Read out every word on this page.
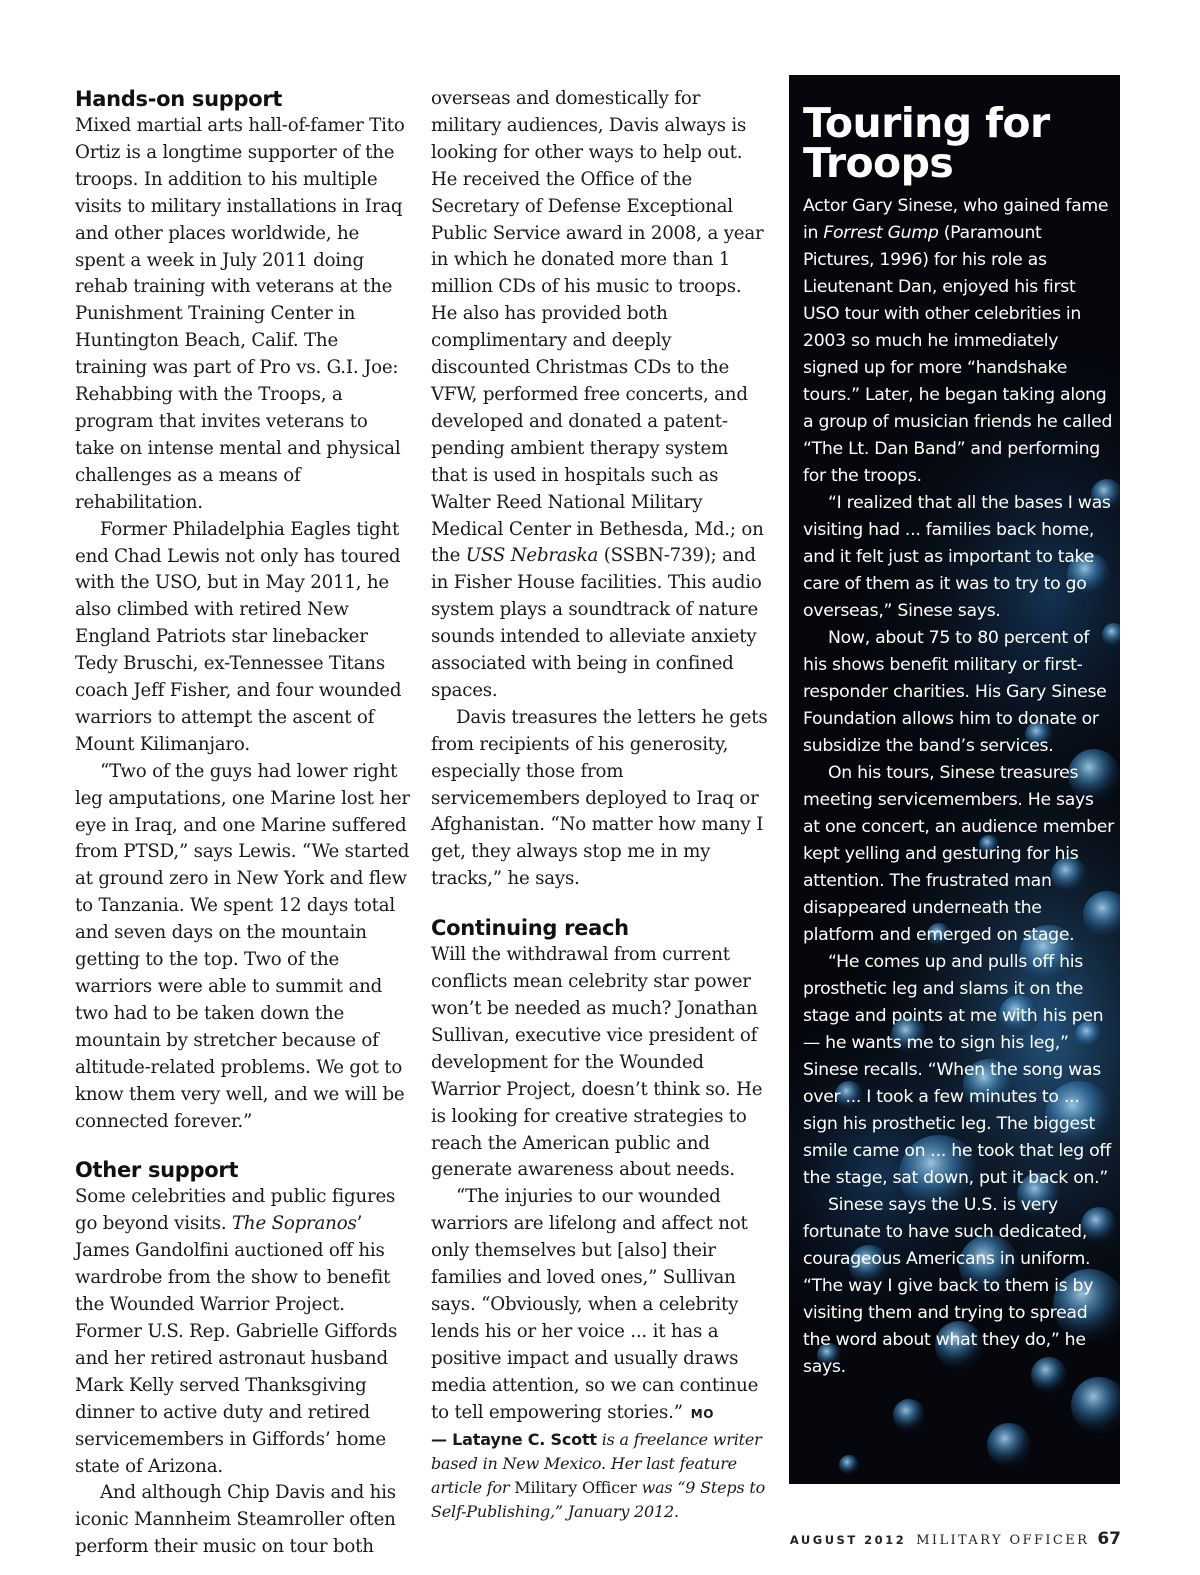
Hands-on support

Mixed martial arts hall-of-famer Tito Ortiz is a longtime supporter of the troops. In addition to his multiple visits to military installations in Iraq and other places worldwide, he spent a week in July 2011 doing rehab training with veterans at the Punishment Training Center in Huntington Beach, Calif. The training was part of Pro vs. G.I. Joe: Rehabbing with the Troops, a program that invites veterans to take on intense mental and physical challenges as a means of rehabilitation.

Former Philadelphia Eagles tight end Chad Lewis not only has toured with the USO, but in May 2011, he also climbed with retired New England Patriots star linebacker Tedy Bruschi, ex-Tennessee Titans coach Jeff Fisher, and four wounded warriors to attempt the ascent of Mount Kilimanjaro.

“Two of the guys had lower right leg amputations, one Marine lost her eye in Iraq, and one Marine suffered from PTSD,” says Lewis. “We started at ground zero in New York and flew to Tanzania. We spent 12 days total and seven days on the mountain getting to the top. Two of the warriors were able to summit and two had to be taken down the mountain by stretcher because of altitude-related problems. We got to know them very well, and we will be connected forever.”

Other support

Some celebrities and public figures go beyond visits. The Sopranos’ James Gandolfini auctioned off his wardrobe from the show to benefit the Wounded Warrior Project. Former U.S. Rep. Gabrielle Giffords and her retired astronaut husband Mark Kelly served Thanksgiving dinner to active duty and retired servicemembers in Giffords’ home state of Arizona.

And although Chip Davis and his iconic Mannheim Steamroller often perform their music on tour both

overseas and domestically for military audiences, Davis always is looking for other ways to help out. He received the Office of the Secretary of Defense Exceptional Public Service award in 2008, a year in which he donated more than 1 million CDs of his music to troops. He also has provided both complimentary and deeply discounted Christmas CDs to the VFW, performed free concerts, and developed and donated a patent-pending ambient therapy system that is used in hospitals such as Walter Reed National Military Medical Center in Bethesda, Md.; on the USS Nebraska (SSBN-739); and in Fisher House facilities. This audio system plays a soundtrack of nature sounds intended to alleviate anxiety associated with being in confined spaces.

Davis treasures the letters he gets from recipients of his generosity, especially those from servicemembers deployed to Iraq or Afghanistan. “No matter how many I get, they always stop me in my tracks,” he says.

Continuing reach

Will the withdrawal from current conflicts mean celebrity star power won’t be needed as much? Jonathan Sullivan, executive vice president of development for the Wounded Warrior Project, doesn’t think so. He is looking for creative strategies to reach the American public and generate awareness about needs.

“The injuries to our wounded warriors are lifelong and affect not only themselves but [also] their families and loved ones,” Sullivan says. “Obviously, when a celebrity lends his or her voice ... it has a positive impact and usually draws media attention, so we can continue to tell empowering stories.” MO

— Latayne C. Scott is a freelance writer based in New Mexico. Her last feature article for Military Officer was “9 Steps to Self-Publishing,” January 2012.

Touring for Troops

Actor Gary Sinese, who gained fame in Forrest Gump (Paramount Pictures, 1996) for his role as Lieutenant Dan, enjoyed his first USO tour with other celebrities in 2003 so much he immediately signed up for more “handshake tours.” Later, he began taking along a group of musician friends he called “The Lt. Dan Band” and performing for the troops.

“I realized that all the bases I was visiting had ... families back home, and it felt just as important to take care of them as it was to try to go overseas,” Sinese says.

Now, about 75 to 80 percent of his shows benefit military or first-responder charities. His Gary Sinese Foundation allows him to donate or subsidize the band’s services.

On his tours, Sinese treasures meeting servicemembers. He says at one concert, an audience member kept yelling and gesturing for his attention. The frustrated man disappeared underneath the platform and emerged on stage.

“He comes up and pulls off his prosthetic leg and slams it on the stage and points at me with his pen — he wants me to sign his leg,” Sinese recalls. “When the song was over ... I took a few minutes to ... sign his prosthetic leg. The biggest smile came on ... he took that leg off the stage, sat down, put it back on.”

Sinese says the U.S. is very fortunate to have such dedicated, courageous Americans in uniform. “The way I give back to them is by visiting them and trying to spread the word about what they do,” he says.

AUGUST 2012 MILITARY OFFICER 67
